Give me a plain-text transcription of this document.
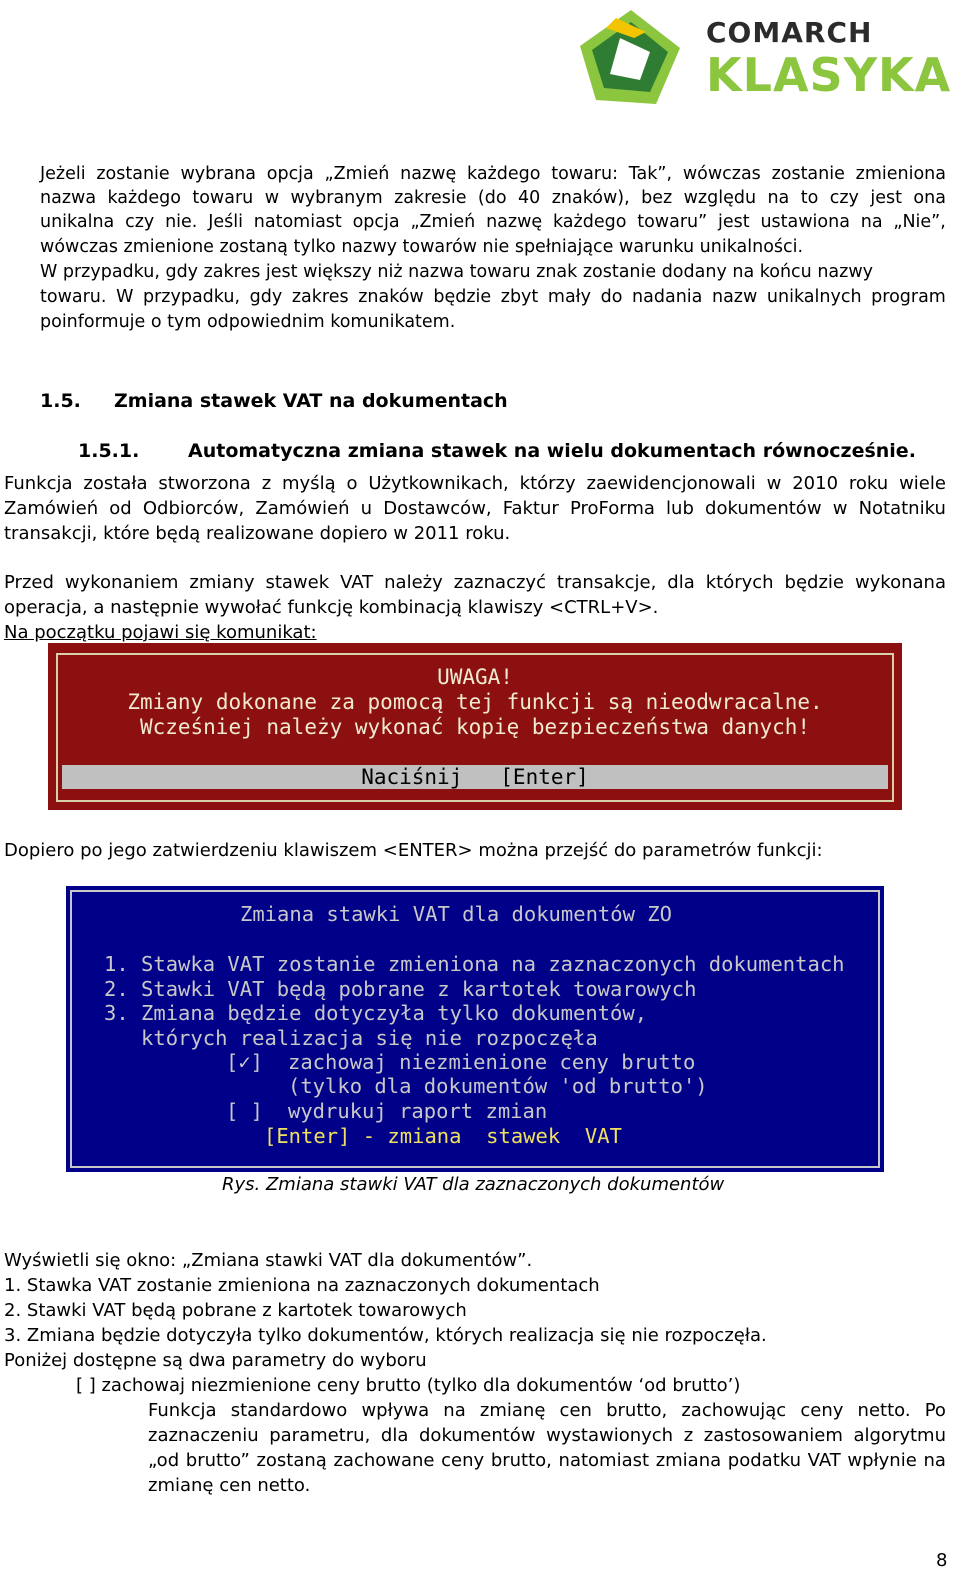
COMARCH
KLASYKA
Jeżeli zostanie wybrana opcja „Zmień nazwę każdego towaru: Tak”, wówczas zostanie zmieniona
nazwa każdego towaru w wybranym zakresie (do 40 znaków), bez względu na to czy jest ona
unikalna czy nie. Jeśli natomiast opcja „Zmień nazwę każdego towaru” jest ustawiona na „Nie”,
wówczas zmienione zostaną tylko nazwy towarów nie spełniające warunku unikalności.
W przypadku, gdy zakres jest większy niż nazwa towaru znak zostanie dodany na końcu nazwy
towaru. W przypadku, gdy zakres znaków będzie zbyt mały do nadania nazw unikalnych program
poinformuje o tym odpowiednim komunikatem.
1.5. Zmiana stawek VAT na dokumentach
1.5.1.	Automatyczna zmiana stawek na wielu dokumentach równocześnie.
Funkcja została stworzona z myślą o Użytkownikach, którzy zaewidencjonowali w 2010 roku wiele
Zamówień od Odbiorców, Zamówień u Dostawców, Faktur ProForma lub dokumentów w Notatniku
transakcji, które będą realizowane dopiero w 2011 roku.
Przed wykonaniem zmiany stawek VAT należy zaznaczyć transakcje, dla których będzie wykonana
operacja, a następnie wywołać funkcję kombinacją klawiszy <CTRL+V>.
Na początku pojawi się komunikat:
UWAGA!
Zmiany dokonane za pomocą tej funkcji są nieodwracalne.
Wcześniej należy wykonać kopię bezpieczeństwa danych!
Naciśnij   [Enter]
Dopiero po jego zatwierdzeniu klawiszem <ENTER> można przejść do parametrów funkcji:
Zmiana stawki VAT dla dokumentów ZO
1. Stawka VAT zostanie zmieniona na zaznaczonych dokumentach
2. Stawki VAT będą pobrane z kartotek towarowych
3. Zmiana będzie dotyczyła tylko dokumentów,
których realizacja się nie rozpoczęła
[✓] zachowaj niezmienione ceny brutto
(tylko dla dokumentów 'od brutto')
[ ] wydrukuj raport zmian
[Enter] - zmiana  stawek  VAT
Rys. Zmiana stawki VAT dla zaznaczonych dokumentów
Wyświetli się okno: „Zmiana stawki VAT dla dokumentów”.
1. Stawka VAT zostanie zmieniona na zaznaczonych dokumentach
2. Stawki VAT będą pobrane z kartotek towarowych
3. Zmiana będzie dotyczyła tylko dokumentów, których realizacja się nie rozpoczęła.
Poniżej dostępne są dwa parametry do wyboru
[ ] zachowaj niezmienione ceny brutto (tylko dla dokumentów ‘od brutto’)
Funkcja standardowo wpływa na zmianę cen brutto, zachowując ceny netto. Po
zaznaczeniu parametru, dla dokumentów wystawionych z zastosowaniem algorytmu
„od brutto” zostaną zachowane ceny brutto, natomiast zmiana podatku VAT wpłynie na
zmianę cen netto.
8
